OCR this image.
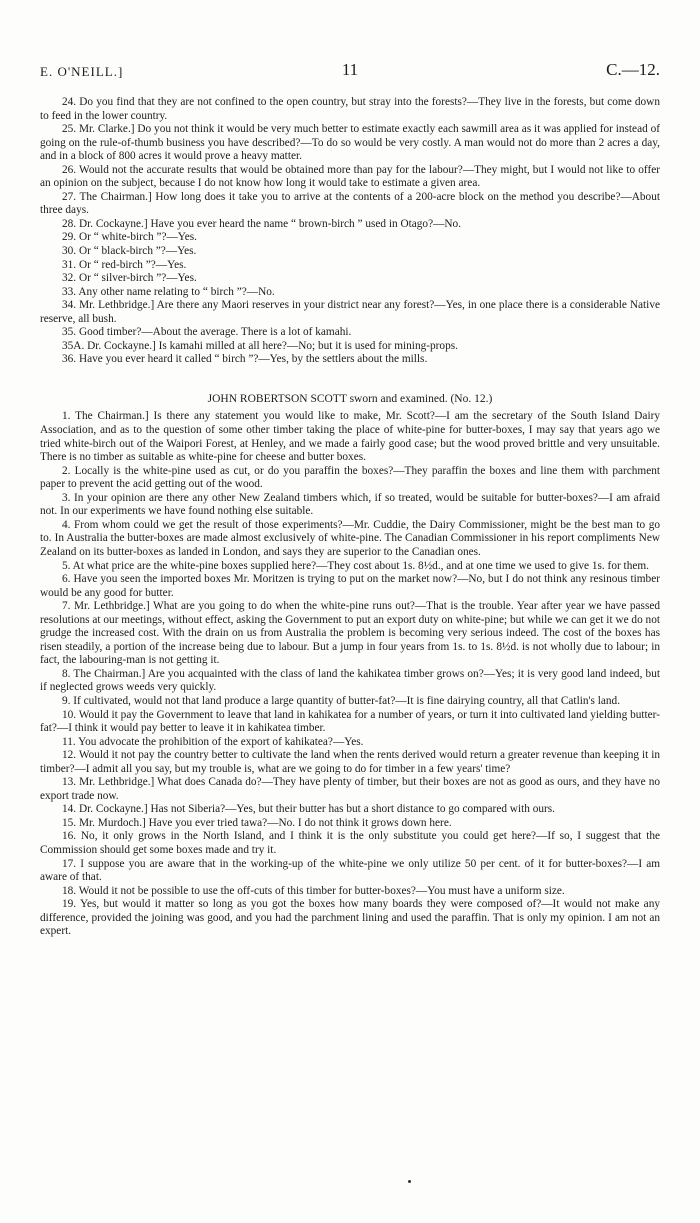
E. O'NEILL.]	11	C.—12.

24. Do you find that they are not confined to the open country, but stray into the forests?—They live in the forests, but come down to feed in the lower country.

25. Mr. Clarke.] Do you not think it would be very much better to estimate exactly each sawmill area as it was applied for instead of going on the rule-of-thumb business you have described?—To do so would be very costly. A man would not do more than 2 acres a day, and in a block of 800 acres it would prove a heavy matter.

26. Would not the accurate results that would be obtained more than pay for the labour?—They might, but I would not like to offer an opinion on the subject, because I do not know how long it would take to estimate a given area.

27. The Chairman.] How long does it take you to arrive at the contents of a 200-acre block on the method you describe?—About three days.

28. Dr. Cockayne.] Have you ever heard the name “ brown-birch ” used in Otago?—No.

29. Or “ white-birch ”?—Yes.

30. Or “ black-birch ”?—Yes.

31. Or “ red-birch ”?—Yes.

32. Or “ silver-birch ”?—Yes.

33. Any other name relating to “ birch ”?—No.

34. Mr. Lethbridge.] Are there any Maori reserves in your district near any forest?—Yes, in one place there is a considerable Native reserve, all bush.

35. Good timber?—About the average. There is a lot of kamahi.

35A. Dr. Cockayne.] Is kamahi milled at all here?—No; but it is used for mining-props.

36. Have you ever heard it called “ birch ”?—Yes, by the settlers about the mills.

JOHN ROBERTSON SCOTT sworn and examined. (No. 12.)

1. The Chairman.] Is there any statement you would like to make, Mr. Scott?—I am the secretary of the South Island Dairy Association, and as to the question of some other timber taking the place of white-pine for butter-boxes, I may say that years ago we tried white-birch out of the Waipori Forest, at Henley, and we made a fairly good case; but the wood proved brittle and very unsuitable. There is no timber as suitable as white-pine for cheese and butter boxes.

2. Locally is the white-pine used as cut, or do you paraffin the boxes?—They paraffin the boxes and line them with parchment paper to prevent the acid getting out of the wood.

3. In your opinion are there any other New Zealand timbers which, if so treated, would be suitable for butter-boxes?—I am afraid not. In our experiments we have found nothing else suitable.

4. From whom could we get the result of those experiments?—Mr. Cuddie, the Dairy Commissioner, might be the best man to go to. In Australia the butter-boxes are made almost exclusively of white-pine. The Canadian Commissioner in his report compliments New Zealand on its butter-boxes as landed in London, and says they are superior to the Canadian ones.

5. At what price are the white-pine boxes supplied here?—They cost about 1s. 8½d., and at one time we used to give 1s. for them.

6. Have you seen the imported boxes Mr. Moritzen is trying to put on the market now?—No, but I do not think any resinous timber would be any good for butter.

7. Mr. Lethbridge.] What are you going to do when the white-pine runs out?—That is the trouble. Year after year we have passed resolutions at our meetings, without effect, asking the Government to put an export duty on white-pine; but while we can get it we do not grudge the increased cost. With the drain on us from Australia the problem is becoming very serious indeed. The cost of the boxes has risen steadily, a portion of the increase being due to labour. But a jump in four years from 1s. to 1s. 8½d. is not wholly due to labour; in fact, the labouring-man is not getting it.

8. The Chairman.] Are you acquainted with the class of land the kahikatea timber grows on?—Yes; it is very good land indeed, but if neglected grows weeds very quickly.

9. If cultivated, would not that land produce a large quantity of butter-fat?—It is fine dairying country, all that Catlin's land.

10. Would it pay the Government to leave that land in kahikatea for a number of years, or turn it into cultivated land yielding butter-fat?—I think it would pay better to leave it in kahikatea timber.

11. You advocate the prohibition of the export of kahikatea?—Yes.

12. Would it not pay the country better to cultivate the land when the rents derived would return a greater revenue than keeping it in timber?—I admit all you say, but my trouble is, what are we going to do for timber in a few years' time?

13. Mr. Lethbridge.] What does Canada do?—They have plenty of timber, but their boxes are not as good as ours, and they have no export trade now.

14. Dr. Cockayne.] Has not Siberia?—Yes, but their butter has but a short distance to go compared with ours.

15. Mr. Murdoch.] Have you ever tried tawa?—No. I do not think it grows down here.

16. No, it only grows in the North Island, and I think it is the only substitute you could get here?—If so, I suggest that the Commission should get some boxes made and try it.

17. I suppose you are aware that in the working-up of the white-pine we only utilize 50 per cent. of it for butter-boxes?—I am aware of that.

18. Would it not be possible to use the off-cuts of this timber for butter-boxes?—You must have a uniform size.

19. Yes, but would it matter so long as you got the boxes how many boards they were composed of?—It would not make any difference, provided the joining was good, and you had the parchment lining and used the paraffin. That is only my opinion. I am not an expert.
